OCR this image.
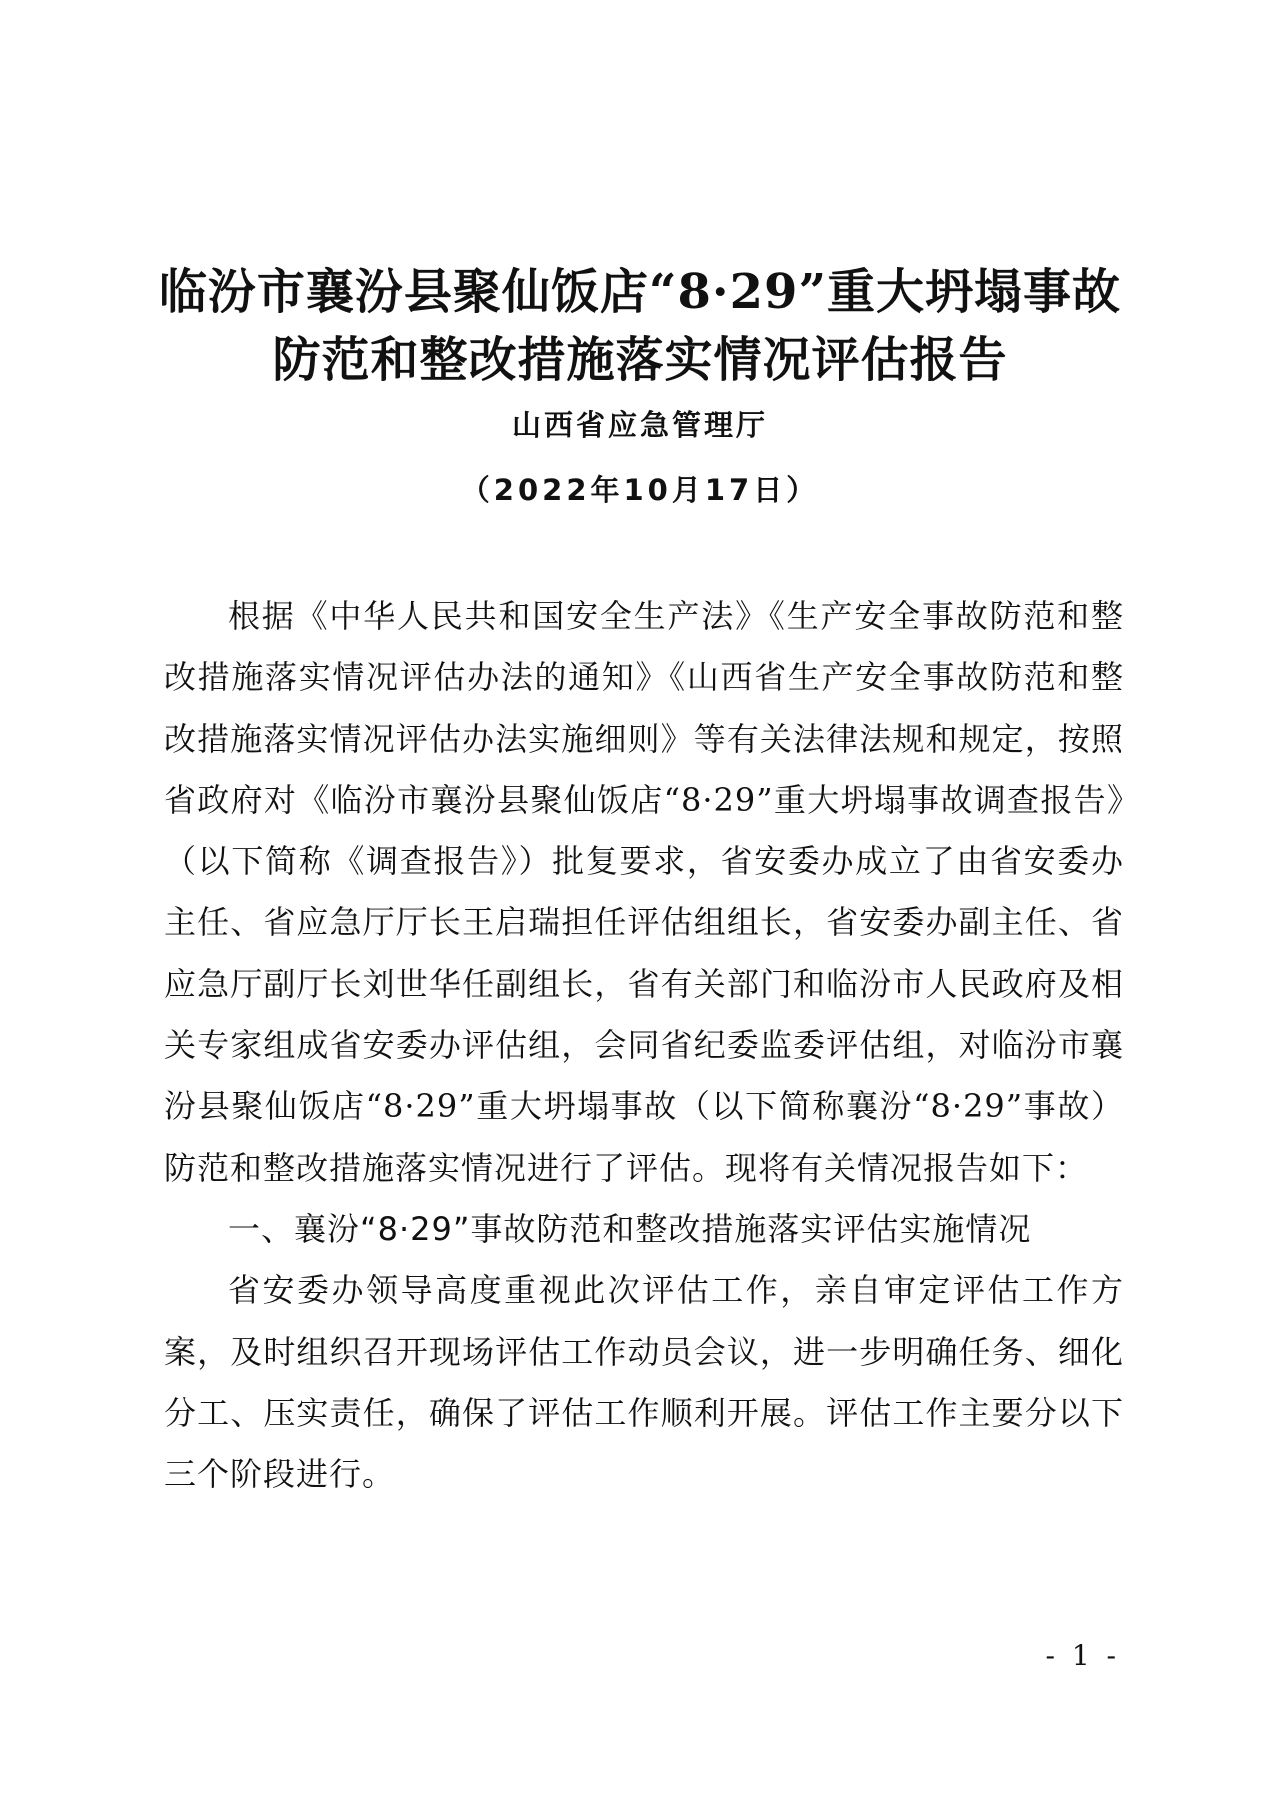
临汾市襄汾县聚仙饭店“8·29”重大坍塌事故
防范和整改措施落实情况评估报告
山西省应急管理厅
（2022年10月17日）

根据《中华人民共和国安全生产法》《生产安全事故防范和整改措施落实情况评估办法的通知》《山西省生产安全事故防范和整改措施落实情况评估办法实施细则》等有关法律法规和规定，按照省政府对《临汾市襄汾县聚仙饭店“8·29”重大坍塌事故调查报告》（以下简称《调查报告》）批复要求，省安委办成立了由省安委办主任、省应急厅厅长王启瑞担任评估组组长，省安委办副主任、省应急厅副厅长刘世华任副组长，省有关部门和临汾市人民政府及相关专家组成省安委办评估组，会同省纪委监委评估组，对临汾市襄汾县聚仙饭店“8·29”重大坍塌事故（以下简称襄汾“8·29”事故）防范和整改措施落实情况进行了评估。现将有关情况报告如下：

一、襄汾“8·29”事故防范和整改措施落实评估实施情况

省安委办领导高度重视此次评估工作，亲自审定评估工作方案，及时组织召开现场评估工作动员会议，进一步明确任务、细化分工、压实责任，确保了评估工作顺利开展。评估工作主要分以下三个阶段进行。

- 1 -
